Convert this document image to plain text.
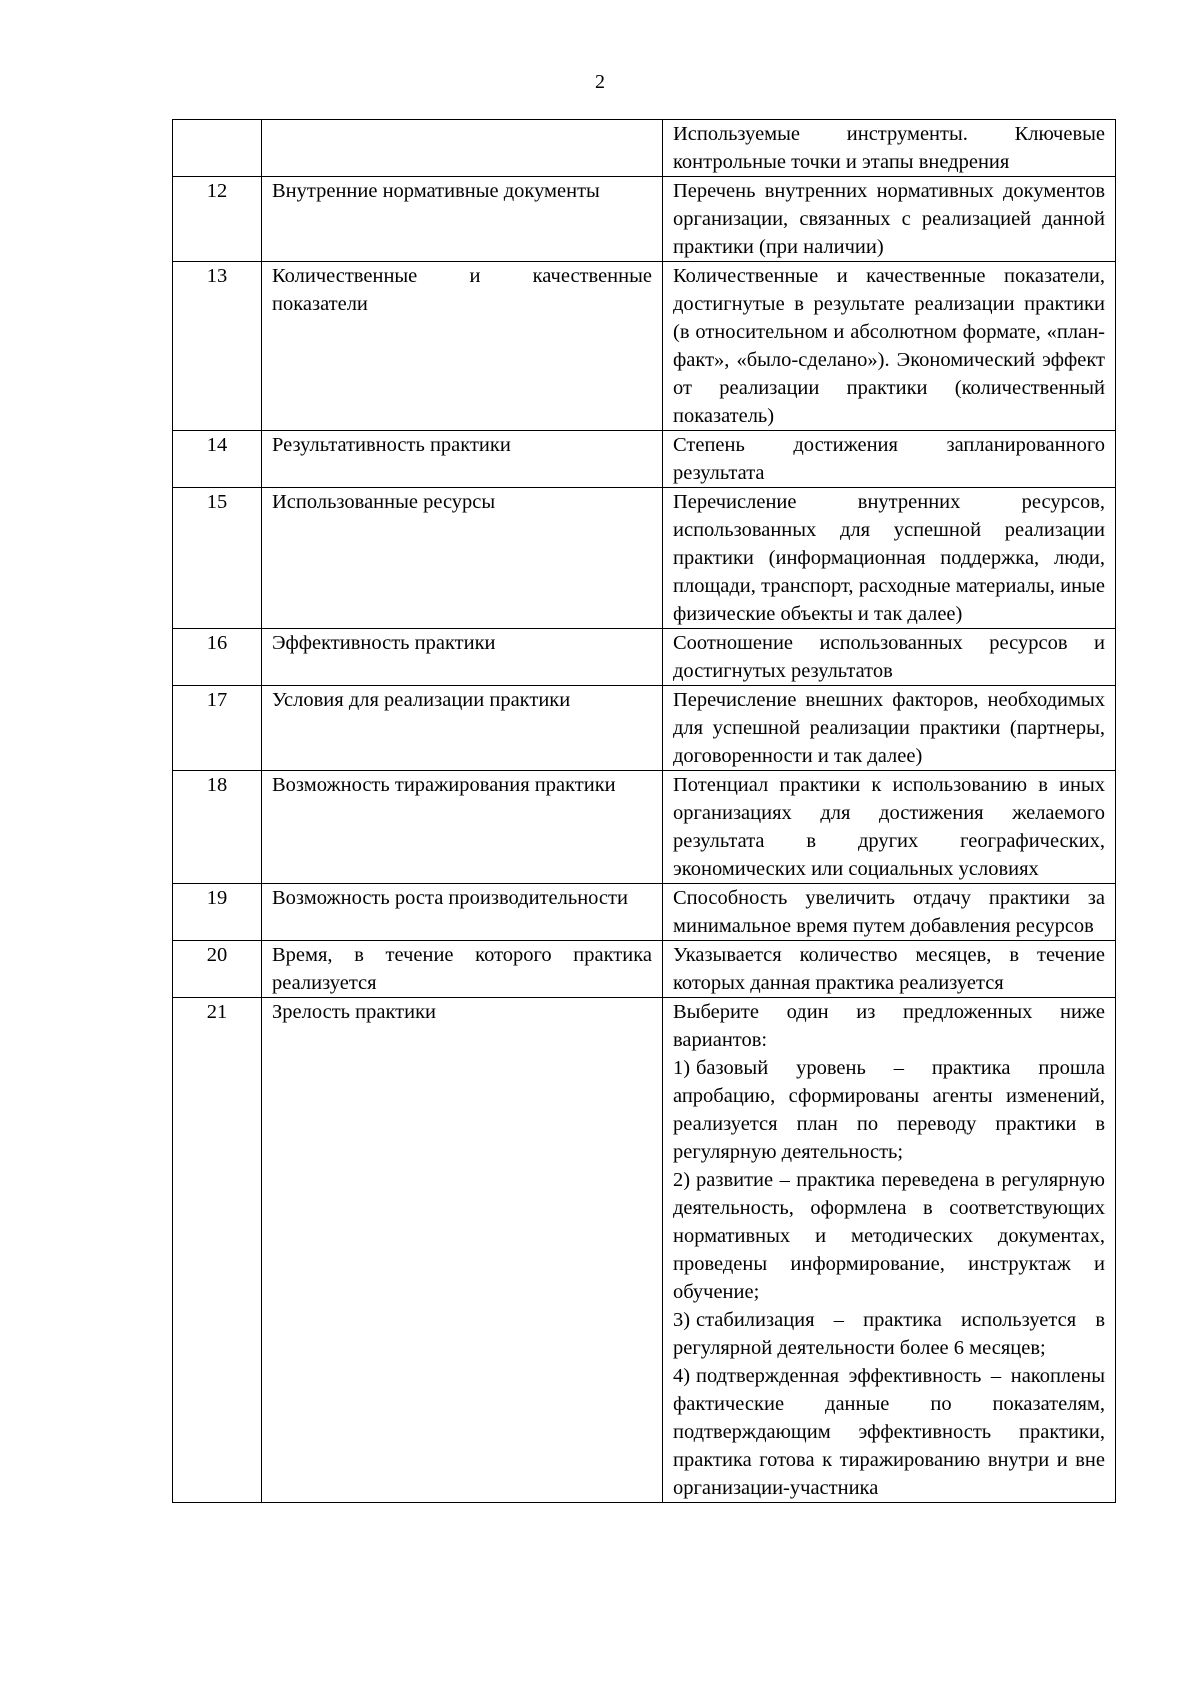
2
		Используемые инструменты. Ключевые контрольные точки и этапы внедрения
12	Внутренние нормативные документы	Перечень внутренних нормативных документов организации, связанных с реализацией данной практики (при наличии)
13	Количественные и качественные показатели	Количественные и качественные показатели, достигнутые в результате реализации практики (в относительном и абсолютном формате, «план-факт», «было-сделано»). Экономический эффект от реализации практики (количественный показатель)
14	Результативность практики	Степень достижения запланированного результата
15	Использованные ресурсы	Перечисление внутренних ресурсов, использованных для успешной реализации практики (информационная поддержка, люди, площади, транспорт, расходные материалы, иные физические объекты и так далее)
16	Эффективность практики	Соотношение использованных ресурсов и достигнутых результатов
17	Условия для реализации практики	Перечисление внешних факторов, необходимых для успешной реализации практики (партнеры, договоренности и так далее)
18	Возможность тиражирования практики	Потенциал практики к использованию в иных организациях для достижения желаемого результата в других географических, экономических или социальных условиях
19	Возможность роста производительности	Способность увеличить отдачу практики за минимальное время путем добавления ресурсов
20	Время, в течение которого практика реализуется	Указывается количество месяцев, в течение которых данная практика реализуется
21	Зрелость практики	Выберите один из предложенных ниже вариантов:
1) базовый уровень – практика прошла апробацию, сформированы агенты изменений, реализуется план по переводу практики в регулярную деятельность;
2) развитие – практика переведена в регулярную деятельность, оформлена в соответствующих нормативных и методических документах, проведены информирование, инструктаж и обучение;
3) стабилизация – практика используется в регулярной деятельности более 6 месяцев;
4) подтвержденная эффективность – накоплены фактические данные по показателям, подтверждающим эффективность практики, практика готова к тиражированию внутри и вне организации-участника
